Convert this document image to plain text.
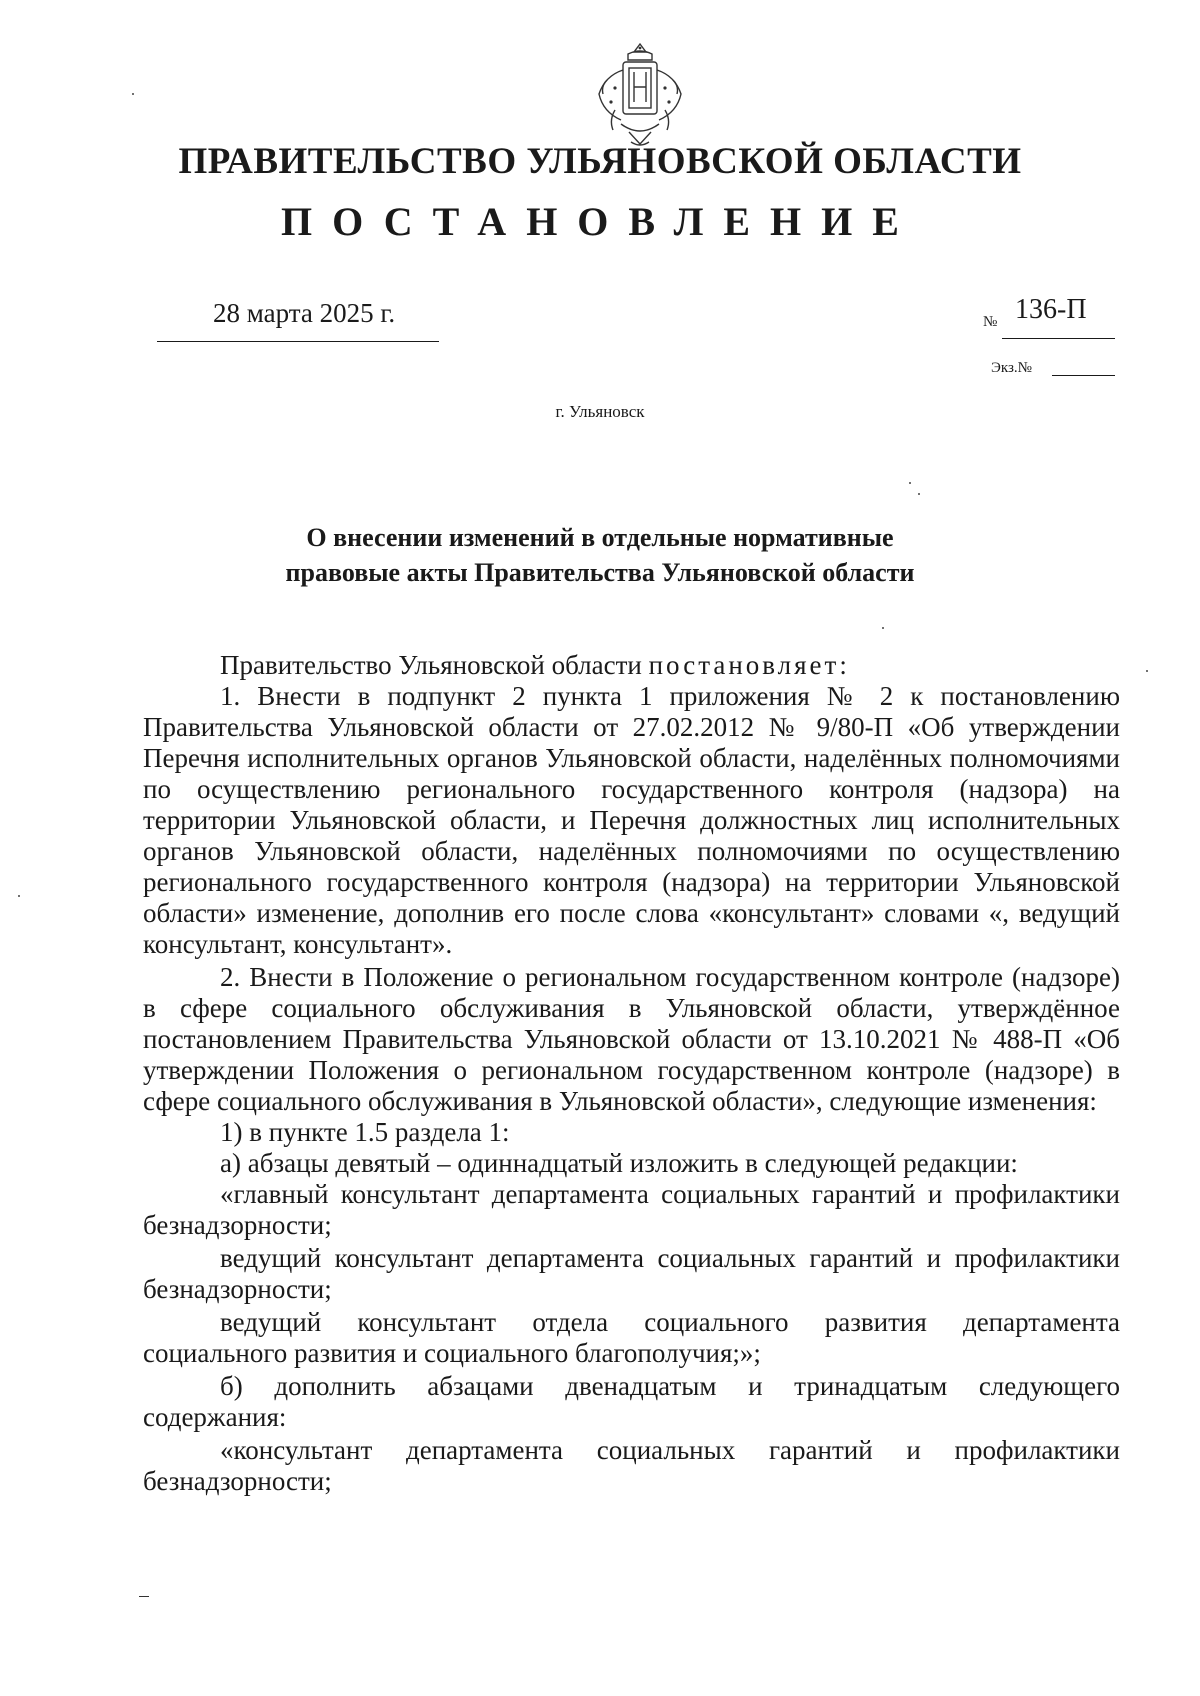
ПРАВИТЕЛЬСТВО УЛЬЯНОВСКОЙ ОБЛАСТИ
ПОСТАНОВЛЕНИЕ
28 марта 2025 г.	№ 136-П
Экз.№
г. Ульяновск
О внесении изменений в отдельные нормативные
правовые акты Правительства Ульяновской области

Правительство Ульяновской области постановляет:

1. Внести в подпункт 2 пункта 1 приложения № 2 к постановлению Правительства Ульяновской области от 27.02.2012 № 9/80-П «Об утверждении Перечня исполнительных органов Ульяновской области, наделённых полномочиями по осуществлению регионального государственного контроля (надзора) на территории Ульяновской области, и Перечня должностных лиц исполнительных органов Ульяновской области, наделённых полномочиями по осуществлению регионального государственного контроля (надзора) на территории Ульяновской области» изменение, дополнив его после слова «консультант» словами «, ведущий консультант, консультант».

2. Внести в Положение о региональном государственном контроле (надзоре) в сфере социального обслуживания в Ульяновской области, утверждённое постановлением Правительства Ульяновской области от 13.10.2021 № 488-П «Об утверждении Положения о региональном государственном контроле (надзоре) в сфере социального обслуживания в Ульяновской области», следующие изменения:

1) в пункте 1.5 раздела 1:

а) абзацы девятый – одиннадцатый изложить в следующей редакции:

«главный консультант департамента социальных гарантий и профилактики безнадзорности;

ведущий консультант департамента социальных гарантий и профилактики безнадзорности;

ведущий консультант отдела социального развития департамента социального развития и социального благополучия;»;

б) дополнить абзацами двенадцатым и тринадцатым следующего содержания:

«консультант департамента социальных гарантий и профилактики безнадзорности;
